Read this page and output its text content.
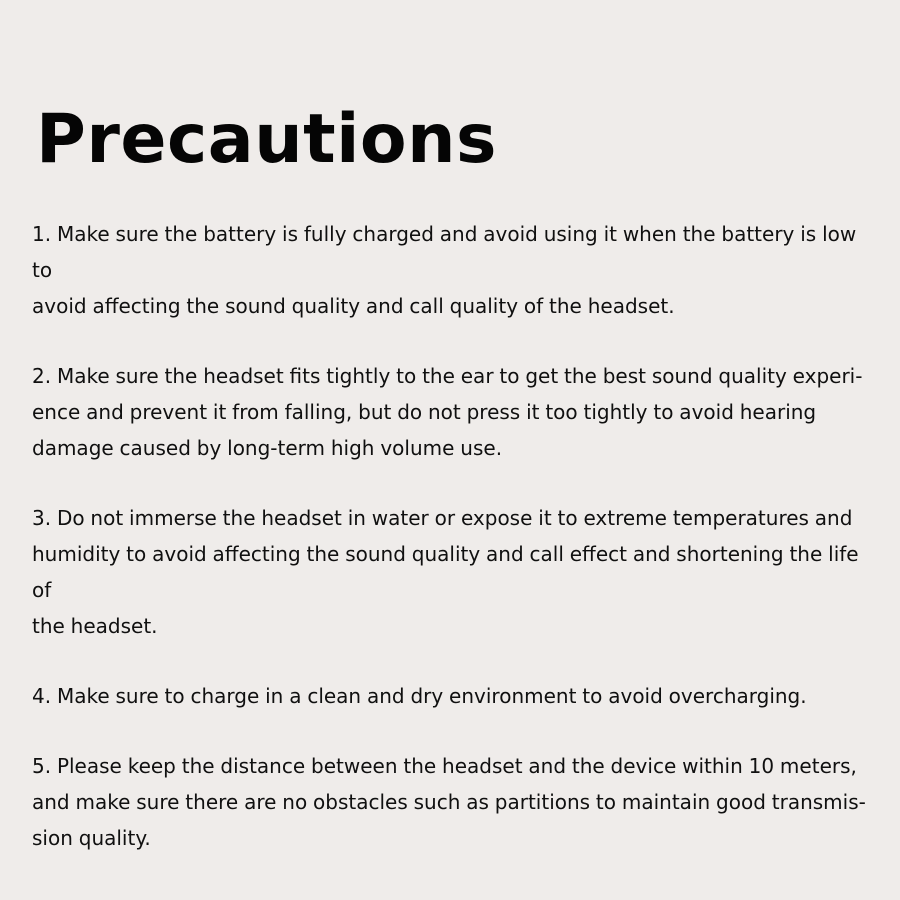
Precautions
1. Make sure the battery is fully charged and avoid using it when the battery is low to
avoid affecting the sound quality and call quality of the headset.
2. Make sure the headset fits tightly to the ear to get the best sound quality experi-
ence and prevent it from falling, but do not press it too tightly to avoid hearing
damage caused by long-term high volume use.
3. Do not immerse the headset in water or expose it to extreme temperatures and
humidity to avoid affecting the sound quality and call effect and shortening the life of
the headset.
4. Make sure to charge in a clean and dry environment to avoid overcharging.
5. Please keep the distance between the headset and the device within 10 meters,
and make sure there are no obstacles such as partitions to maintain good transmis-
sion quality.
